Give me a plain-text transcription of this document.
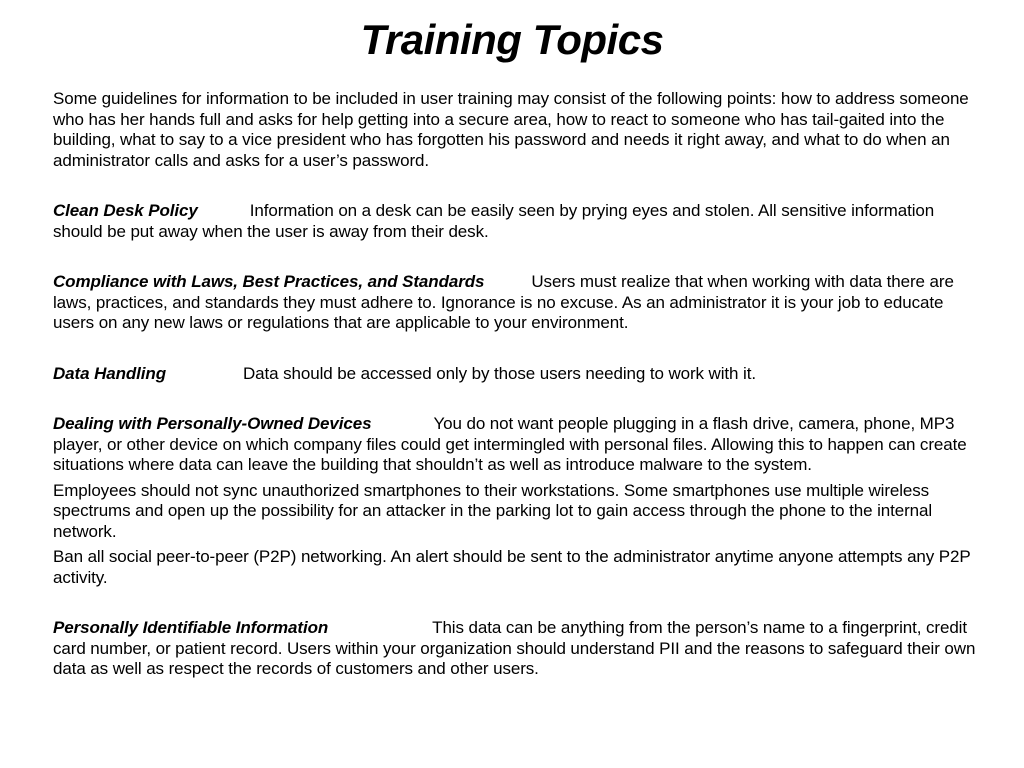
Training Topics

Some guidelines for information to be included in user training may consist of the following points: how to address someone who has her hands full and asks for help getting into a secure area, how to react to someone who has tail-gaited into the building, what to say to a vice president who has forgotten his password and needs it right away, and what to do when an administrator calls and asks for a user’s password.

Clean Desk Policy	Information on a desk can be easily seen by prying eyes and stolen. All sensitive information should be put away when the user is away from their desk.

Compliance with Laws, Best Practices, and Standards	Users must realize that when working with data there are laws, practices, and standards they must adhere to. Ignorance is no excuse. As an administrator it is your job to educate users on any new laws or regulations that are applicable to your environment.

Data Handling	Data should be accessed only by those users needing to work with it.

Dealing with Personally-Owned Devices	You do not want people plugging in a flash drive, camera, phone, MP3 player, or other device on which company files could get intermingled with personal files. Allowing this to happen can create situations where data can leave the building that shouldn’t as well as introduce malware to the system.

Employees should not sync unauthorized smartphones to their workstations. Some smartphones use multiple wireless spectrums and open up the possibility for an attacker in the parking lot to gain access through the phone to the internal network.

Ban all social peer-to-peer (P2P) networking. An alert should be sent to the administrator anytime anyone attempts any P2P activity.

Personally Identifiable Information	This data can be anything from the person’s name to a fingerprint, credit card number, or patient record. Users within your organization should understand PII and the reasons to safeguard their own data as well as respect the records of customers and other users.
